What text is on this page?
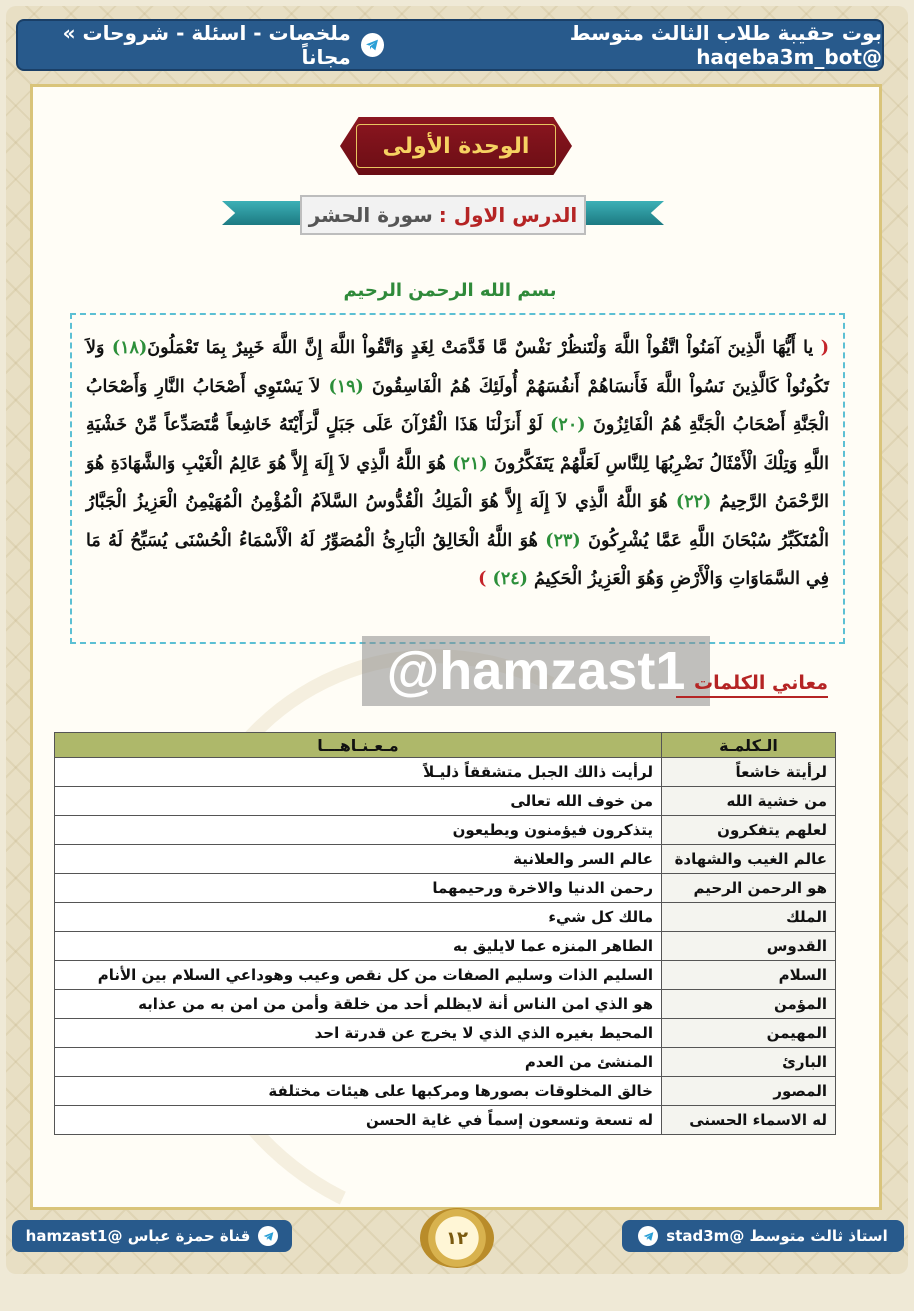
بوت حقيبة طلاب الثالث متوسط @haqeba3m_bot
ملخصات - اسئلة - شروحات » مجاناً
الوحدة الأولى
الدرس الاول :
سورة الحشر
بسم الله الرحمن الرحيم
( يا أَيُّهَا الَّذِينَ آمَنُواْ اتَّقُواْ اللَّهَ وَلْتَنظُرْ نَفْسٌ مَّا قَدَّمَتْ لِغَدٍ وَاتَّقُواْ اللَّهَ إِنَّ اللَّهَ خَبِيرٌ بِمَا تَعْمَلُونَ(١٨) وَلاَ تَكُونُواْ كَالَّذِينَ نَسُواْ اللَّهَ فَأَنسَاهُمْ أَنفُسَهُمْ أُولَئِكَ هُمُ الْفَاسِقُونَ (١٩) لاَ يَسْتَوِي أَصْحَابُ النَّارِ وَأَصْحَابُ الْجَنَّةِ أَصْحَابُ الْجَنَّةِ هُمُ الْفَائِزُونَ (٢٠) لَوْ أَنزَلْنَا هَذَا الْقُرْآنَ عَلَى جَبَلٍ لَّرَأَيْتَهُ خَاشِعاً مُّتَصَدِّعاً مِّنْ خَشْيَةِ اللَّهِ وَتِلْكَ الْأَمْثَالُ نَضْرِبُهَا لِلنَّاسِ لَعَلَّهُمْ يَتَفَكَّرُونَ (٢١) هُوَ اللَّهُ الَّذِي لاَ إِلَهَ إِلاَّ هُوَ عَالِمُ الْغَيْبِ وَالشَّهَادَةِ هُوَ الرَّحْمَنُ الرَّحِيمُ (٢٢) هُوَ اللَّهُ الَّذِي لاَ إِلَهَ إِلاَّ هُوَ الْمَلِكُ الْقُدُّوسُ السَّلاَمُ الْمُؤْمِنُ الْمُهَيْمِنُ الْعَزِيزُ الْجَبَّارُ الْمُتَكَبِّرُ سُبْحَانَ اللَّهِ عَمَّا يُشْرِكُونَ (٢٣) هُوَ اللَّهُ الْخَالِقُ الْبَارِئُ الْمُصَوِّرُ لَهُ الْأَسْمَاءُ الْحُسْنَى يُسَبِّحُ لَهُ مَا فِي السَّمَاوَاتِ وَالْأَرْضِ وَهُوَ الْعَزِيزُ الْحَكِيمُ (٢٤) )
@hamzast1 معاني الكلمات
الـكلمـة	مـعـنـاهـــا
لرأيتة خاشعاً	لرأيت ذالك الجبل متشققاً ذليـلاً
من خشية الله	من خوف الله تعالى
لعلهم يتفكرون	يتذكرون فيؤمنون ويطيعون
عالم الغيب والشهادة	عالم السر والعلانية
هو الرحمن الرحيم	رحمن الدنيا والاخرة ورحيمهما
الملك	مالك كل شيء
القدوس	الطاهر المنزه عما لايليق به
السلام	السليم الذات وسليم الصفات من كل نقص وعيب وهوداعي السلام بين الأنام
المؤمن	هو الذي امن الناس أنة لايظلم أحد من خلقة وأمن من امن به من عذابه
المهيمن	المحيط بغيره الذي الذي لا يخرج عن قدرتة احد
البارئ	المنشئ من العدم
المصور	خالق المخلوقات بصورها ومركبها على هيئات مختلفة
له الاسماء الحسنى	له تسعة وتسعون إسماً في غاية الحسن
قناة حمزة عباس @hamzast1	١٢	استاذ ثالث متوسط @stad3m
